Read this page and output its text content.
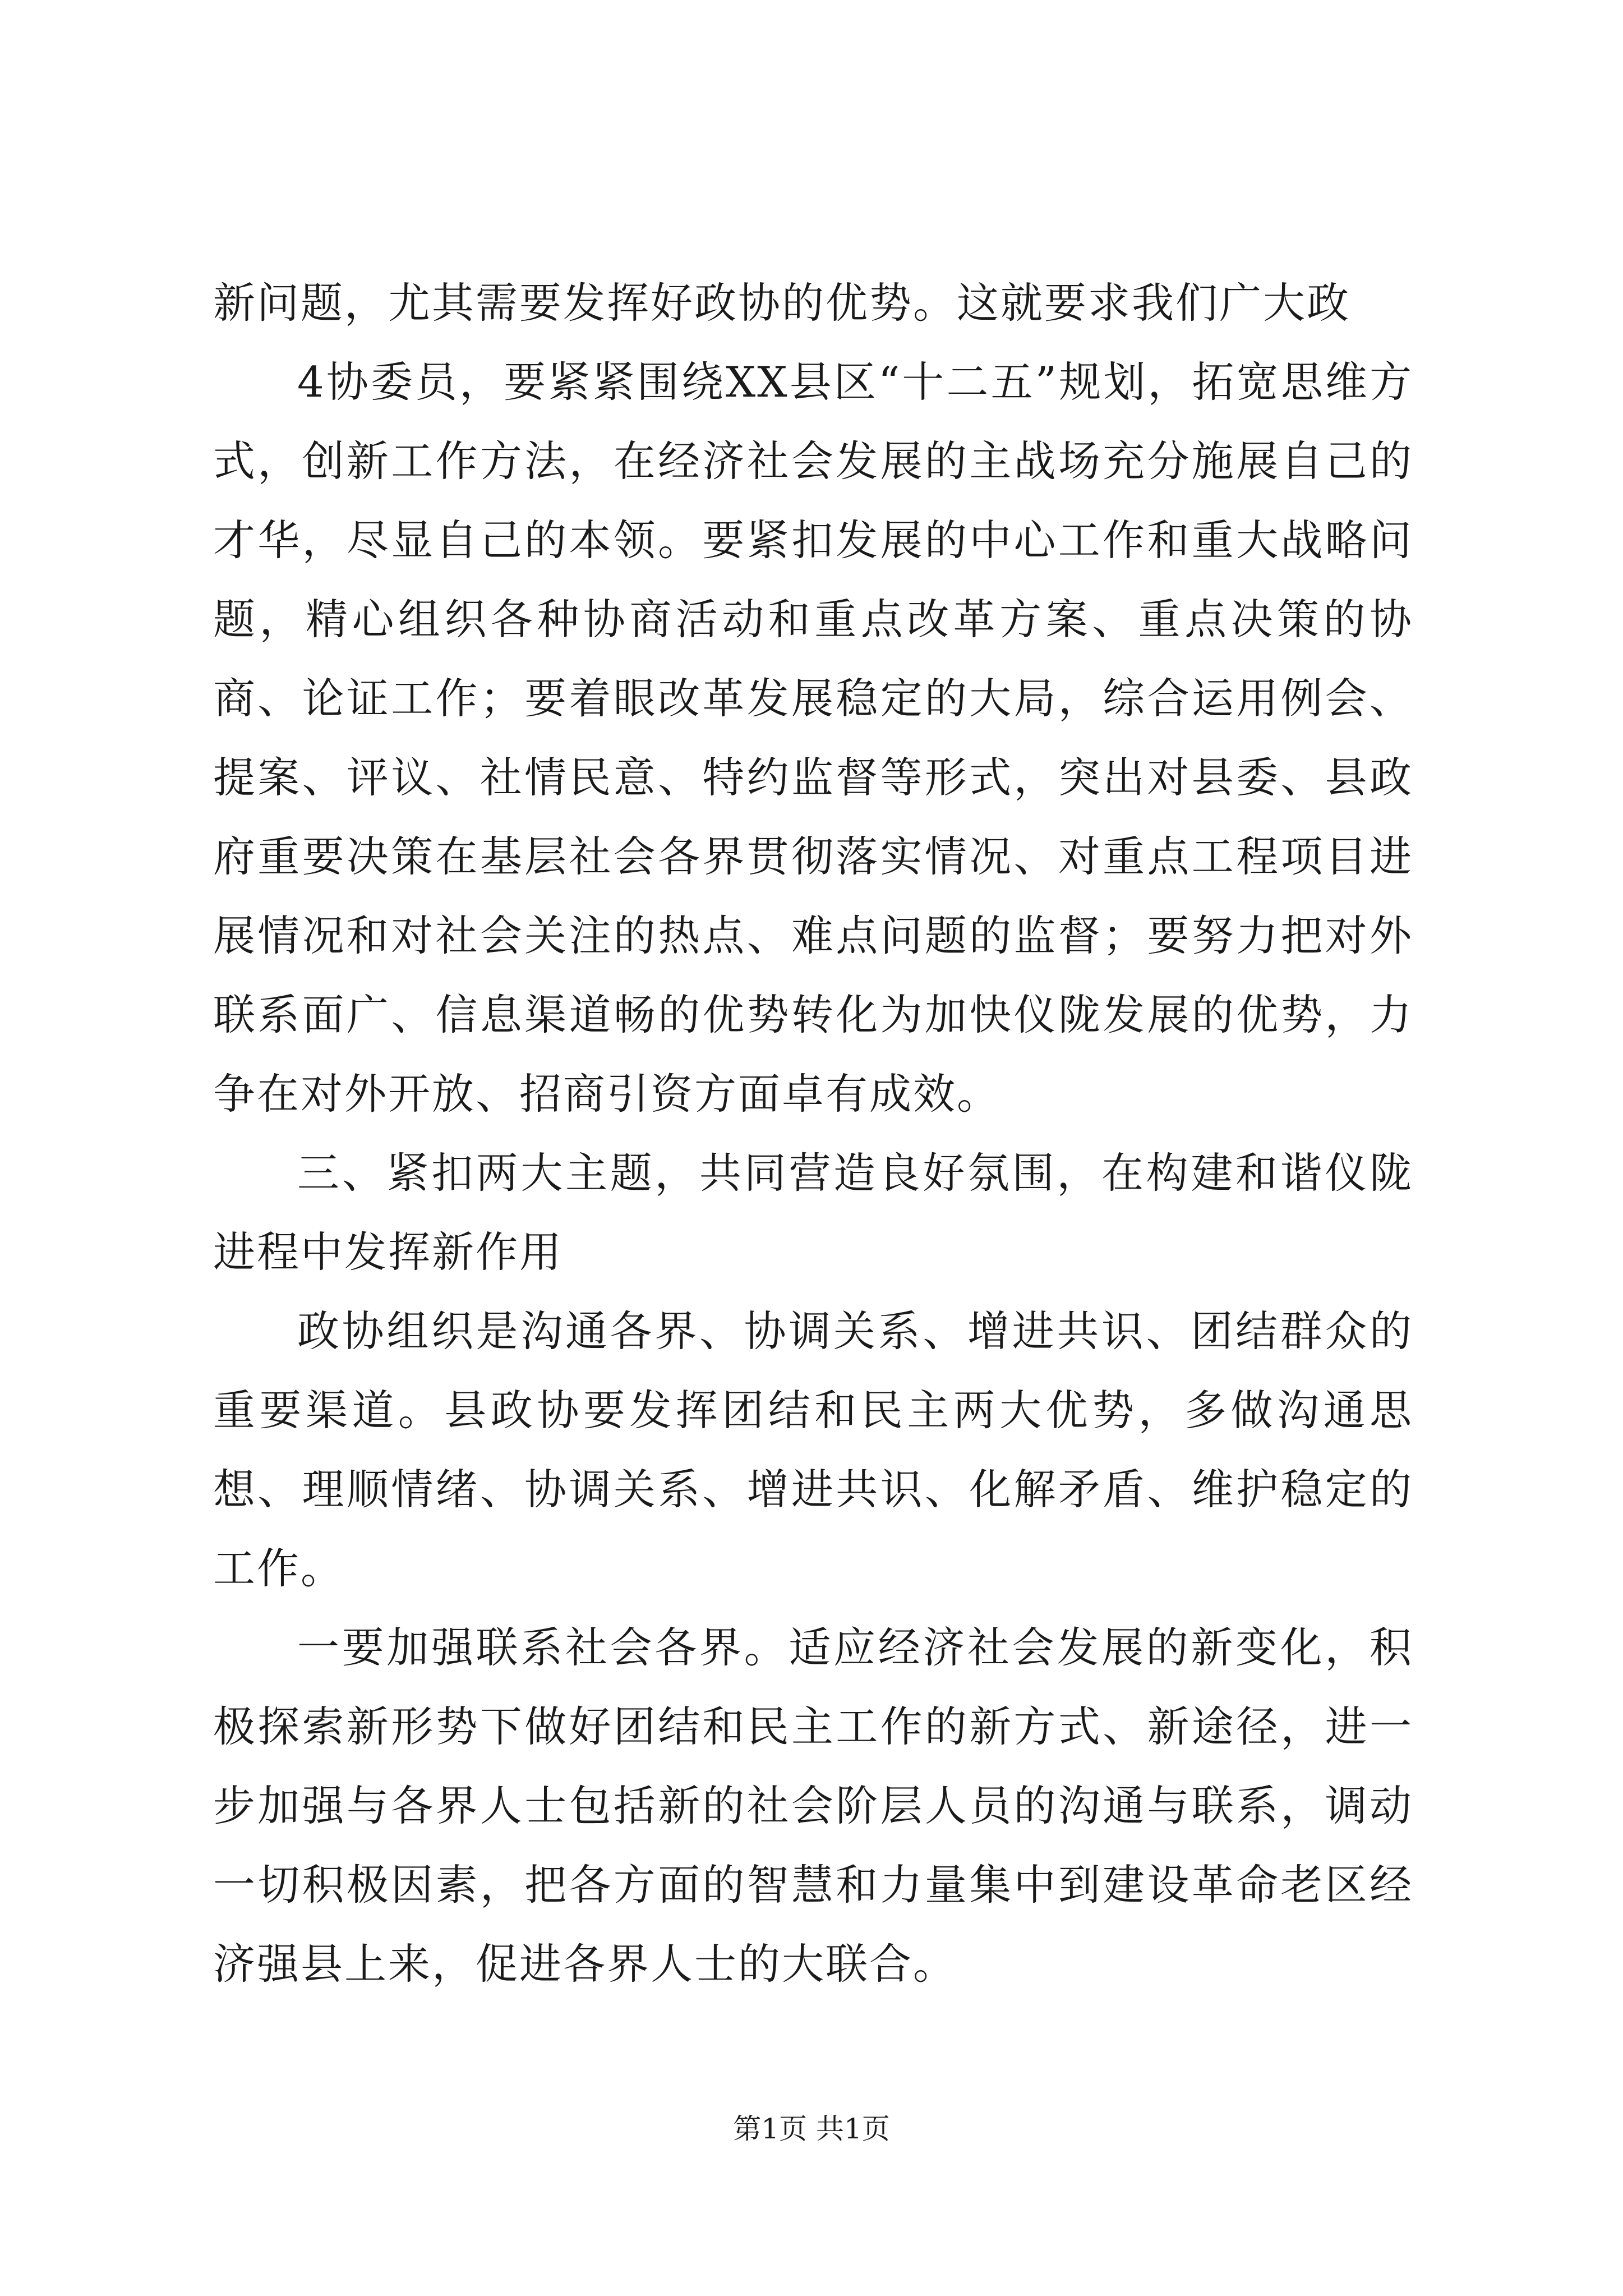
新问题，尤其需要发挥好政协的优势。这就要求我们广大政

4协委员，要紧紧围绕XX县区“十二五”规划，拓宽思维方式，创新工作方法，在经济社会发展的主战场充分施展自己的才华，尽显自己的本领。要紧扣发展的中心工作和重大战略问题，精心组织各种协商活动和重点改革方案、重点决策的协商、论证工作；要着眼改革发展稳定的大局，综合运用例会、提案、评议、社情民意、特约监督等形式，突出对县委、县政府重要决策在基层社会各界贯彻落实情况、对重点工程项目进展情况和对社会关注的热点、难点问题的监督；要努力把对外联系面广、信息渠道畅的优势转化为加快仪陇发展的优势，力争在对外开放、招商引资方面卓有成效。

三、紧扣两大主题，共同营造良好氛围，在构建和谐仪陇进程中发挥新作用

政协组织是沟通各界、协调关系、增进共识、团结群众的重要渠道。县政协要发挥团结和民主两大优势，多做沟通思想、理顺情绪、协调关系、增进共识、化解矛盾、维护稳定的工作。

一要加强联系社会各界。适应经济社会发展的新变化，积极探索新形势下做好团结和民主工作的新方式、新途径，进一步加强与各界人士包括新的社会阶层人员的沟通与联系，调动一切积极因素，把各方面的智慧和力量集中到建设革命老区经济强县上来，促进各界人士的大联合。

第1页 共1页
